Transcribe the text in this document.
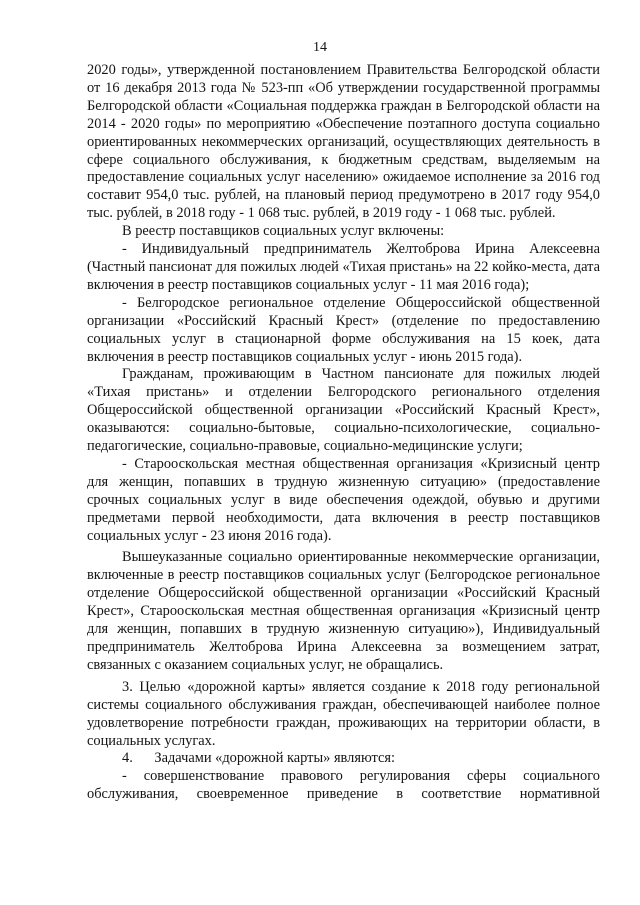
14

2020 годы», утвержденной постановлением Правительства Белгородской области от 16 декабря 2013 года № 523-пп «Об утверждении государственной программы Белгородской области «Социальная поддержка граждан в Белгородской области на 2014 - 2020 годы» по мероприятию «Обеспечение поэтапного доступа социально ориентированных некоммерческих организаций, осуществляющих деятельность в сфере социального обслуживания, к бюджетным средствам, выделяемым на предоставление социальных услуг населению» ожидаемое исполнение за 2016 год составит 954,0 тыс. рублей, на плановый период предумотрено в 2017 году 954,0 тыс. рублей, в 2018 году - 1 068 тыс. рублей, в 2019 году - 1 068 тыс. рублей.

В реестр поставщиков социальных услуг включены:

- Индивидуальный предприниматель Желтоброва Ирина Алексеевна (Частный пансионат для пожилых людей «Тихая пристань» на 22 койко-места, дата включения в реестр поставщиков социальных услуг - 11 мая 2016 года);

- Белгородское региональное отделение Общероссийской общественной организации «Российский Красный Крест» (отделение по предоставлению социальных услуг в стационарной форме обслуживания на 15 коек, дата включения в реестр поставщиков социальных услуг - июнь 2015 года).

Гражданам, проживающим в Частном пансионате для пожилых людей «Тихая пристань» и отделении Белгородского регионального отделения Общероссийской общественной организации «Российский Красный Крест», оказываются: социально-бытовые, социально-психологические, социально-педагогические, социально-правовые, социально-медицинские услуги;

- Старооскольская местная общественная организация «Кризисный центр для женщин, попавших в трудную жизненную ситуацию» (предоставление срочных социальных услуг в виде обеспечения одеждой, обувью и другими предметами первой необходимости, дата включения в реестр поставщиков социальных услуг - 23 июня 2016 года).

Вышеуказанные социально ориентированные некоммерческие организации, включенные в реестр поставщиков социальных услуг (Белгородское региональное отделение Общероссийской общественной организации «Российский Красный Крест», Старооскольская местная общественная организация «Кризисный центр для женщин, попавших в трудную жизненную ситуацию»), Индивидуальный предприниматель Желтоброва Ирина Алексеевна за возмещением затрат, связанных с оказанием социальных услуг, не обращались.

3. Целью «дорожной карты» является создание к 2018 году региональной системы социального обслуживания граждан, обеспечивающей наиболее полное удовлетворение потребности граждан, проживающих на территории области, в социальных услугах.

4.      Задачами «дорожной карты» являются:

- совершенствование правового регулирования сферы социального обслуживания, своевременное приведение в соответствие нормативной
